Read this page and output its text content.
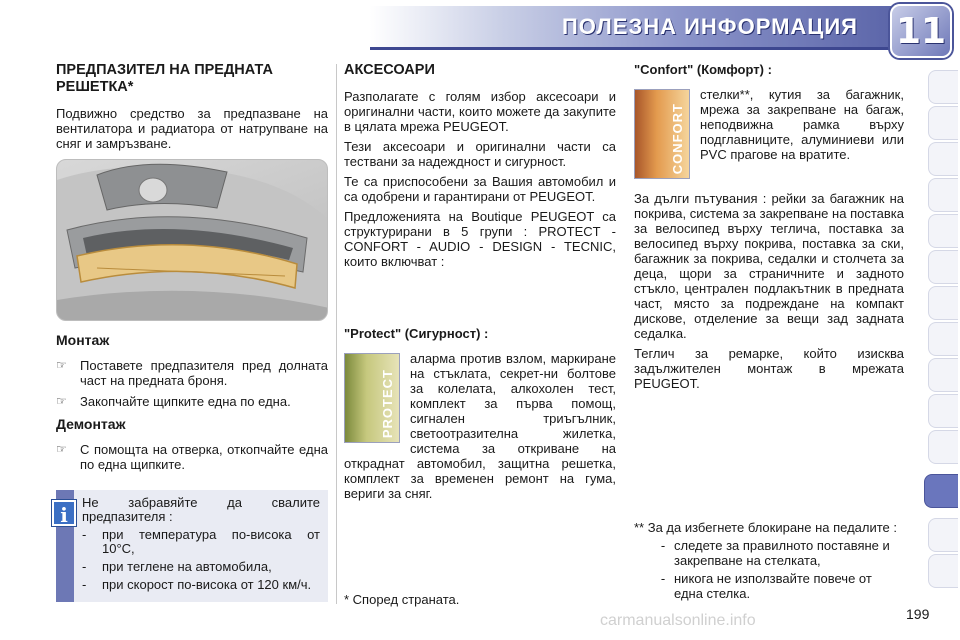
ПОЛЕЗНА ИНФОРМАЦИЯ 11
ПРЕДПАЗИТЕЛ НА ПРЕДНАТА РЕШЕТКА*

Подвижно средство за предпазване на вентилатора и радиатора от натрупване на сняг и замръзване.

Монтаж
☞	Поставете предпазителя пред долната част на предната броня.
☞	Закопчайте щипките една по една.
Демонтаж
☞	С помощта на отверка, откопчайте една по една щипките.
Не забравяйте да свалите предпазителя :
-	при температура по-висока от 10°C,
-	при теглене на автомобила,
-	при скорост по-висока от 120 км/ч.
i
АКСЕСОАРИ

Разполагате с голям избор аксесоари и оригинални части, които можете да закупите в цялата мрежа PEUGEOT.

Тези аксесоари и оригинални части са тествани за надеждност и сигурност.

Те са приспособени за Вашия автомобил и са одобрени и гарантирани от PEUGEOT.

Предложенията на Boutique PEUGEOT са структурирани в 5 групи : PROTECT - CONFORT - AUDIO - DESIGN - TECNIC, които включват :

"Protect" (Сигурност) :
PROTECT

аларма против взлом, маркиране на стъклата, секрет-ни болтове за колелата, алкохолен тест, комплект за първа помощ, сигнален триъгълник, светоотразителна жилетка, система за откриване на откраднат автомобил, защитна решетка, комплект за временен ремонт на гума, вериги за сняг.

* Според страната.
"Confort" (Комфорт) :
CONFORT

стелки**, кутия за багажник, мрежа за закрепване на багаж, неподвижна рамка върху подглавниците, алуминиеви или PVC прагове на вратите.

За дълги пътувания : рейки за багажник на покрива, система за закрепване на поставка за велосипед върху теглича, поставка за велосипед върху покрива, поставка за ски, багажник за покрива, седалки и столчета за деца, щори за страничните и задното стъкло, централен подлакътник в предната част, място за подреждане на компакт дискове, отделение за вещи зад задната седалка.

Теглич за ремарке, който изисква задължителен монтаж в мрежата PEUGEOT.

** За да избегнете блокиране на педалите :
- следете за правилното поставяне и закрепване на стелката,
- никога не използвайте повече от една стелка.
carmanualsonline.info	199
